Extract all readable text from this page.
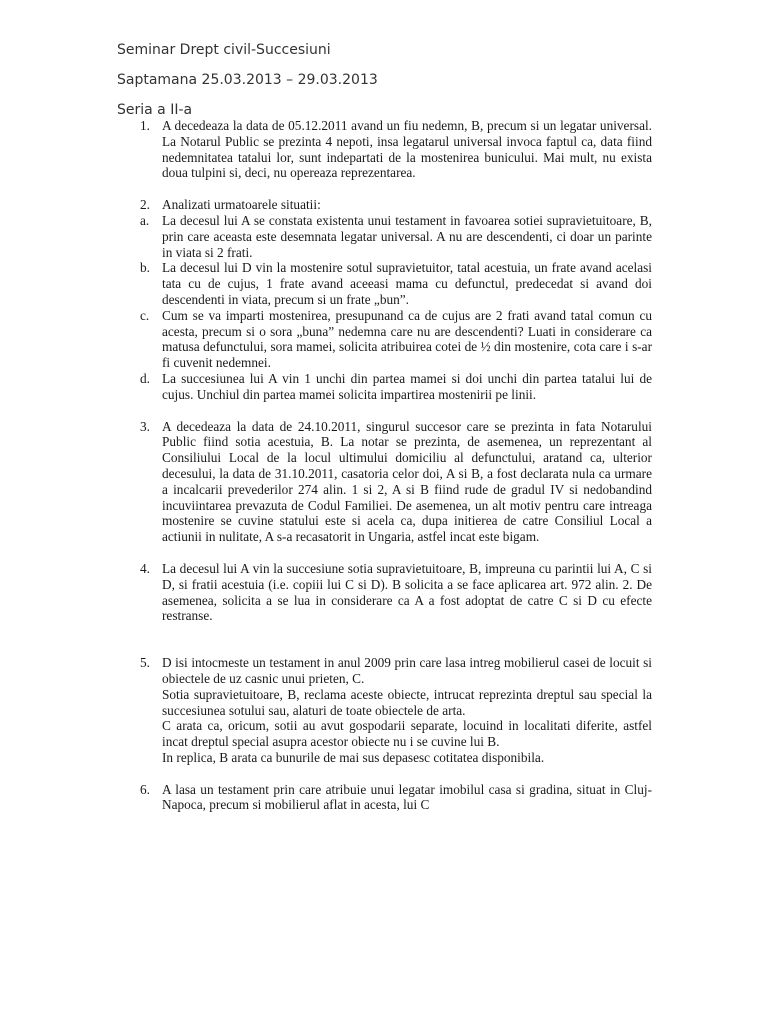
Seminar Drept civil-Succesiuni
Saptamana 25.03.2013 – 29.03.2013
Seria a II-a
1. A decedeaza la data de 05.12.2011 avand un fiu nedemn, B, precum si un legatar universal. La Notarul Public se prezinta 4 nepoti, insa legatarul universal invoca faptul ca, data fiind nedemnitatea tatalui lor, sunt indepartati de la mostenirea bunicului. Mai mult, nu exista doua tulpini si, deci, nu opereaza reprezentarea.

2. Analizati urmatoarele situatii:

a. La decesul lui A se constata existenta unui testament in favoarea sotiei supravietuitoare, B, prin care aceasta este desemnata legatar universal. A nu are descendenti, ci doar un parinte in viata si 2 frati.

b. La decesul lui D vin la mostenire sotul supravietuitor, tatal acestuia, un frate avand acelasi tata cu de cujus, 1 frate avand aceeasi mama cu defunctul, predecedat si avand doi descendenti in viata, precum si un frate „bun”.

c. Cum se va imparti mostenirea, presupunand ca de cujus are 2 frati avand tatal comun cu acesta, precum si o sora „buna” nedemna care nu are descendenti? Luati in considerare ca matusa defunctului, sora mamei, solicita atribuirea cotei de ½ din mostenire, cota care i s-ar fi cuvenit nedemnei.

d. La succesiunea lui A vin 1 unchi din partea mamei si doi unchi din partea tatalui lui de cujus. Unchiul din partea mamei solicita impartirea mostenirii pe linii.

3. A decedeaza la data de 24.10.2011, singurul succesor care se prezinta in fata Notarului Public fiind sotia acestuia, B. La notar se prezinta, de asemenea, un reprezentant al Consiliului Local de la locul ultimului domiciliu al defunctului, aratand ca, ulterior decesului, la data de 31.10.2011, casatoria celor doi, A si B, a fost declarata nula ca urmare a incalcarii prevederilor 274 alin. 1 si 2, A si B fiind rude de gradul IV si nedobandind incuviintarea prevazuta de Codul Familiei. De asemenea, un alt motiv pentru care intreaga mostenire se cuvine statului este si acela ca, dupa initierea de catre Consiliul Local a actiunii in nulitate, A s-a recasatorit in Ungaria, astfel incat este bigam.

4. La decesul lui A vin la succesiune sotia supravietuitoare, B, impreuna cu parintii lui A, C si D, si fratii acestuia (i.e. copiii lui C si D). B solicita a se face aplicarea art. 972 alin. 2. De asemenea, solicita a se lua in considerare ca A a fost adoptat de catre C si D cu efecte restranse.

5. D isi intocmeste un testament in anul 2009 prin care lasa intreg mobilierul casei de locuit si obiectele de uz casnic unui prieten, C.

Sotia supravietuitoare, B, reclama aceste obiecte, intrucat reprezinta dreptul sau special la succesiunea sotului sau, alaturi de toate obiectele de arta.

C arata ca, oricum, sotii au avut gospodarii separate, locuind in localitati diferite, astfel incat dreptul special asupra acestor obiecte nu i se cuvine lui B.

In replica, B arata ca bunurile de mai sus depasesc cotitatea disponibila.

6. A lasa un testament prin care atribuie unui legatar imobilul casa si gradina, situat in Cluj-Napoca, precum si mobilierul aflat in acesta, lui C
